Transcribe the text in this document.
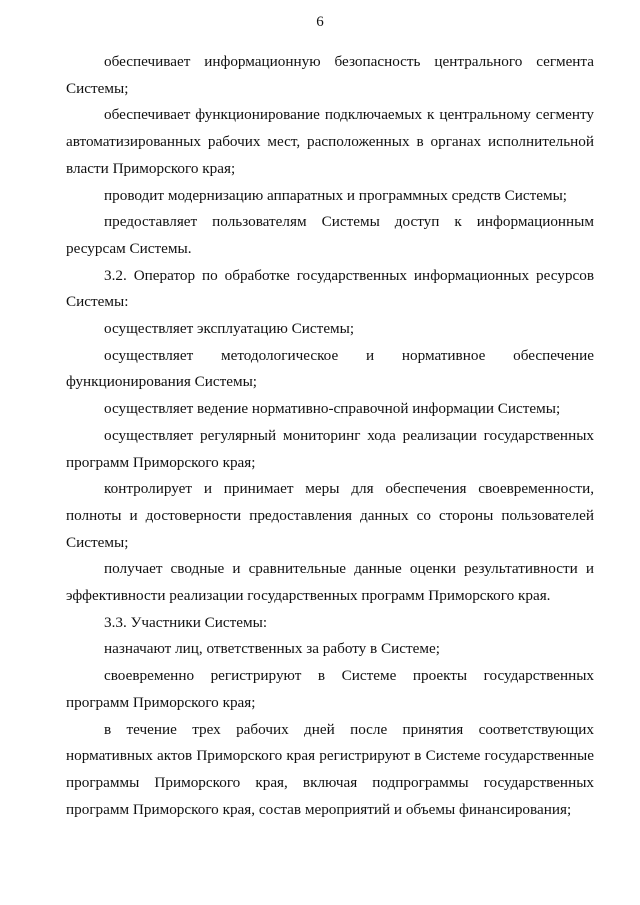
6

обеспечивает информационную безопасность центрального сегмента Системы;

обеспечивает функционирование подключаемых к центральному сегменту автоматизированных рабочих мест, расположенных в органах исполнительной власти Приморского края;

проводит модернизацию аппаратных и программных средств Системы;

предоставляет пользователям Системы доступ к информационным ресурсам Системы.

3.2. Оператор по обработке государственных информационных ресурсов Системы:

осуществляет эксплуатацию Системы;

осуществляет методологическое и нормативное обеспечение функционирования Системы;

осуществляет ведение нормативно-справочной информации Системы;

осуществляет регулярный мониторинг хода реализации государственных программ Приморского края;

контролирует и принимает меры для обеспечения своевременности, полноты и достоверности предоставления данных со стороны пользователей Системы;

получает сводные и сравнительные данные оценки результативности и эффективности реализации государственных программ Приморского края.

3.3. Участники Системы:

назначают лиц, ответственных за работу в Системе;

своевременно регистрируют в Системе проекты государственных программ Приморского края;

в течение трех рабочих дней после принятия соответствующих нормативных актов Приморского края регистрируют в Системе государственные программы Приморского края, включая подпрограммы государственных программ Приморского края, состав мероприятий и объемы финансирования;
